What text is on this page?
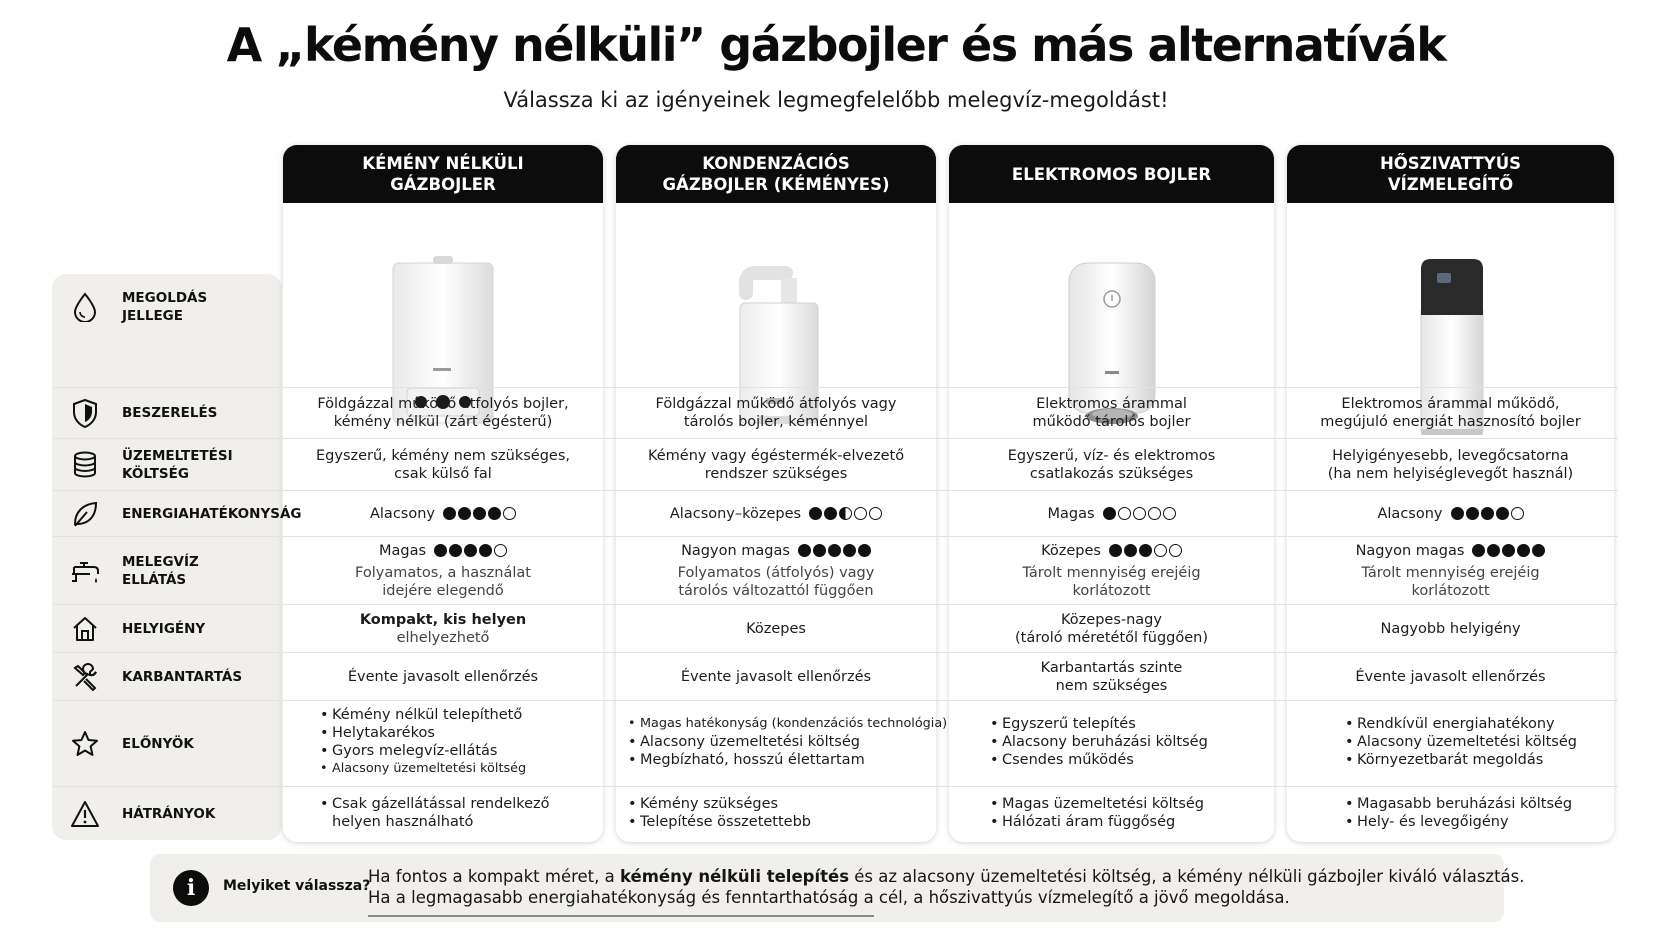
A „kémény nélküli” gázbojler és más alternatívák
Válassza ki az igényeinek legmegfelelőbb melegvíz-megoldást!
KÉMÉNY NÉLKÜLI
GÁZBOJLER
KONDENZÁCIÓS
GÁZBOJLER (KÉMÉNYES)
ELEKTROMOS BOJLER
HŐSZIVATTYÚS
VÍZMELEGÍTŐ
MEGOLDÁS
JELLEGE
BESZERELÉS
ÜZEMELTETÉSI
KÖLTSÉG
ENERGIAHATÉKONYSÁG
MELEGVÍZ
ELLÁTÁS
HELYIGÉNY
KARBANTARTÁS
ELŐNYÖK
HÁTRÁNYOK
Földgázzal működő átfolyós bojler,
kémény nélkül (zárt égésterű)
Egyszerű, kémény nem szükséges,
csak külső fal
Alacsony
Magas
Folyamatos, a használat
idejére elegendő
Kompakt, kis helyen
elhelyezhető
Évente javasolt ellenőrzés
• Kémény nélkül telepíthető
• Helytakarékos
• Gyors melegvíz-ellátás
• Alacsony üzemeltetési költség
• Csak gázellátással rendelkező
helyen használható
Földgázzal működő átfolyós vagy
tárolós bojler, kéménnyel
Kémény vagy égéstermék-elvezető
rendszer szükséges
Alacsony–közepes
Nagyon magas
Folyamatos (átfolyós) vagy
tárolós változattól függően
Közepes
Évente javasolt ellenőrzés
• Magas hatékonyság (kondenzációs technológia)
• Alacsony üzemeltetési költség
• Megbízható, hosszú élettartam
• Kémény szükséges
• Telepítése összetettebb
Elektromos árammal
működő tárolós bojler
Egyszerű, víz- és elektromos
csatlakozás szükséges
Magas
Közepes
Tárolt mennyiség erejéig
korlátozott
Közepes-nagy
(tároló méretétől függően)
Karbantartás szinte
nem szükséges
• Egyszerű telepítés
• Alacsony beruházási költség
• Csendes működés
• Magas üzemeltetési költség
• Hálózati áram függőség
Elektromos árammal működő,
megújuló energiát hasznosító bojler
Helyigényesebb, levegőcsatorna
(ha nem helyiséglevegőt használ)
Alacsony
Nagyon magas
Tárolt mennyiség erejéig
korlátozott
Nagyobb helyigény
Évente javasolt ellenőrzés
• Rendkívül energiahatékony
• Alacsony üzemeltetési költség
• Környezetbarát megoldás
• Magasabb beruházási költség
• Hely- és levegőigény
i	Melyiket válassza?
Ha fontos a kompakt méret, a kémény nélküli telepítés és az alacsony üzemeltetési költség, a kémény nélküli gázbojler kiváló választás.
Ha a legmagasabb energiahatékonyság és fenntarthatóság a cél, a hőszivattyús vízmelegítő a jövő megoldása.
